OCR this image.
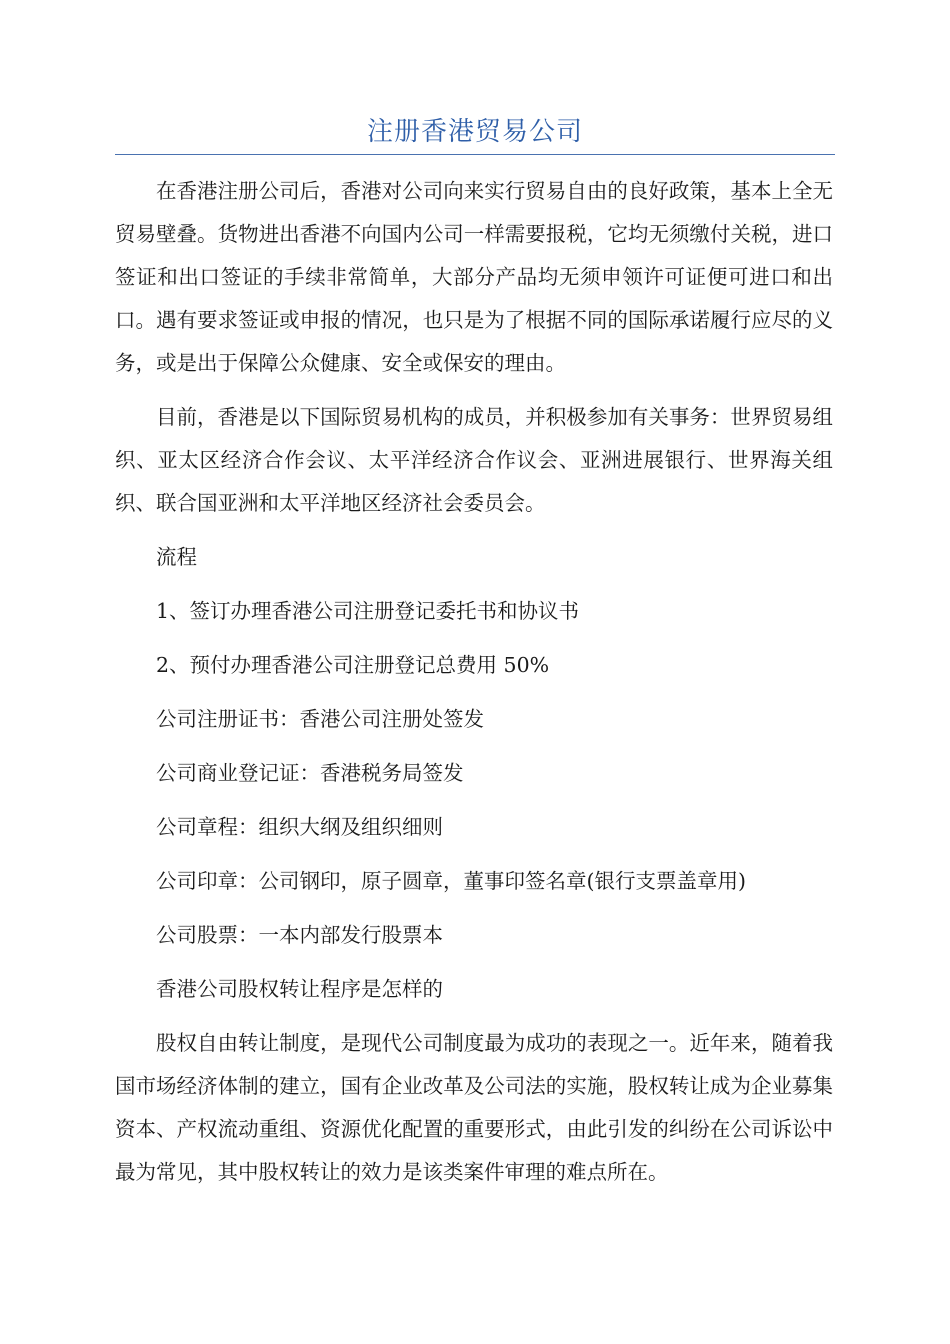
注册香港贸易公司

在香港注册公司后，香港对公司向来实行贸易自由的良好政策，基本上全无贸易壁叠。货物进出香港不向国内公司一样需要报税，它均无须缴付关税，进口签证和出口签证的手续非常简单，大部分产品均无须申领许可证便可进口和出口。遇有要求签证或申报的情况，也只是为了根据不同的国际承诺履行应尽的义务，或是出于保障公众健康、安全或保安的理由。

目前，香港是以下国际贸易机构的成员，并积极参加有关事务：世界贸易组织、亚太区经济合作会议、太平洋经济合作议会、亚洲进展银行、世界海关组织、联合国亚洲和太平洋地区经济社会委员会。

流程

1、签订办理香港公司注册登记委托书和协议书

2、预付办理香港公司注册登记总费用 50%

公司注册证书：香港公司注册处签发

公司商业登记证：香港税务局签发

公司章程：组织大纲及组织细则

公司印章：公司钢印，原子圆章，董事印签名章(银行支票盖章用)

公司股票：一本内部发行股票本

香港公司股权转让程序是怎样的

股权自由转让制度，是现代公司制度最为成功的表现之一。近年来，随着我国市场经济体制的建立，国有企业改革及公司法的实施，股权转让成为企业募集资本、产权流动重组、资源优化配置的重要形式，由此引发的纠纷在公司诉讼中最为常见，其中股权转让的效力是该类案件审理的难点所在。
